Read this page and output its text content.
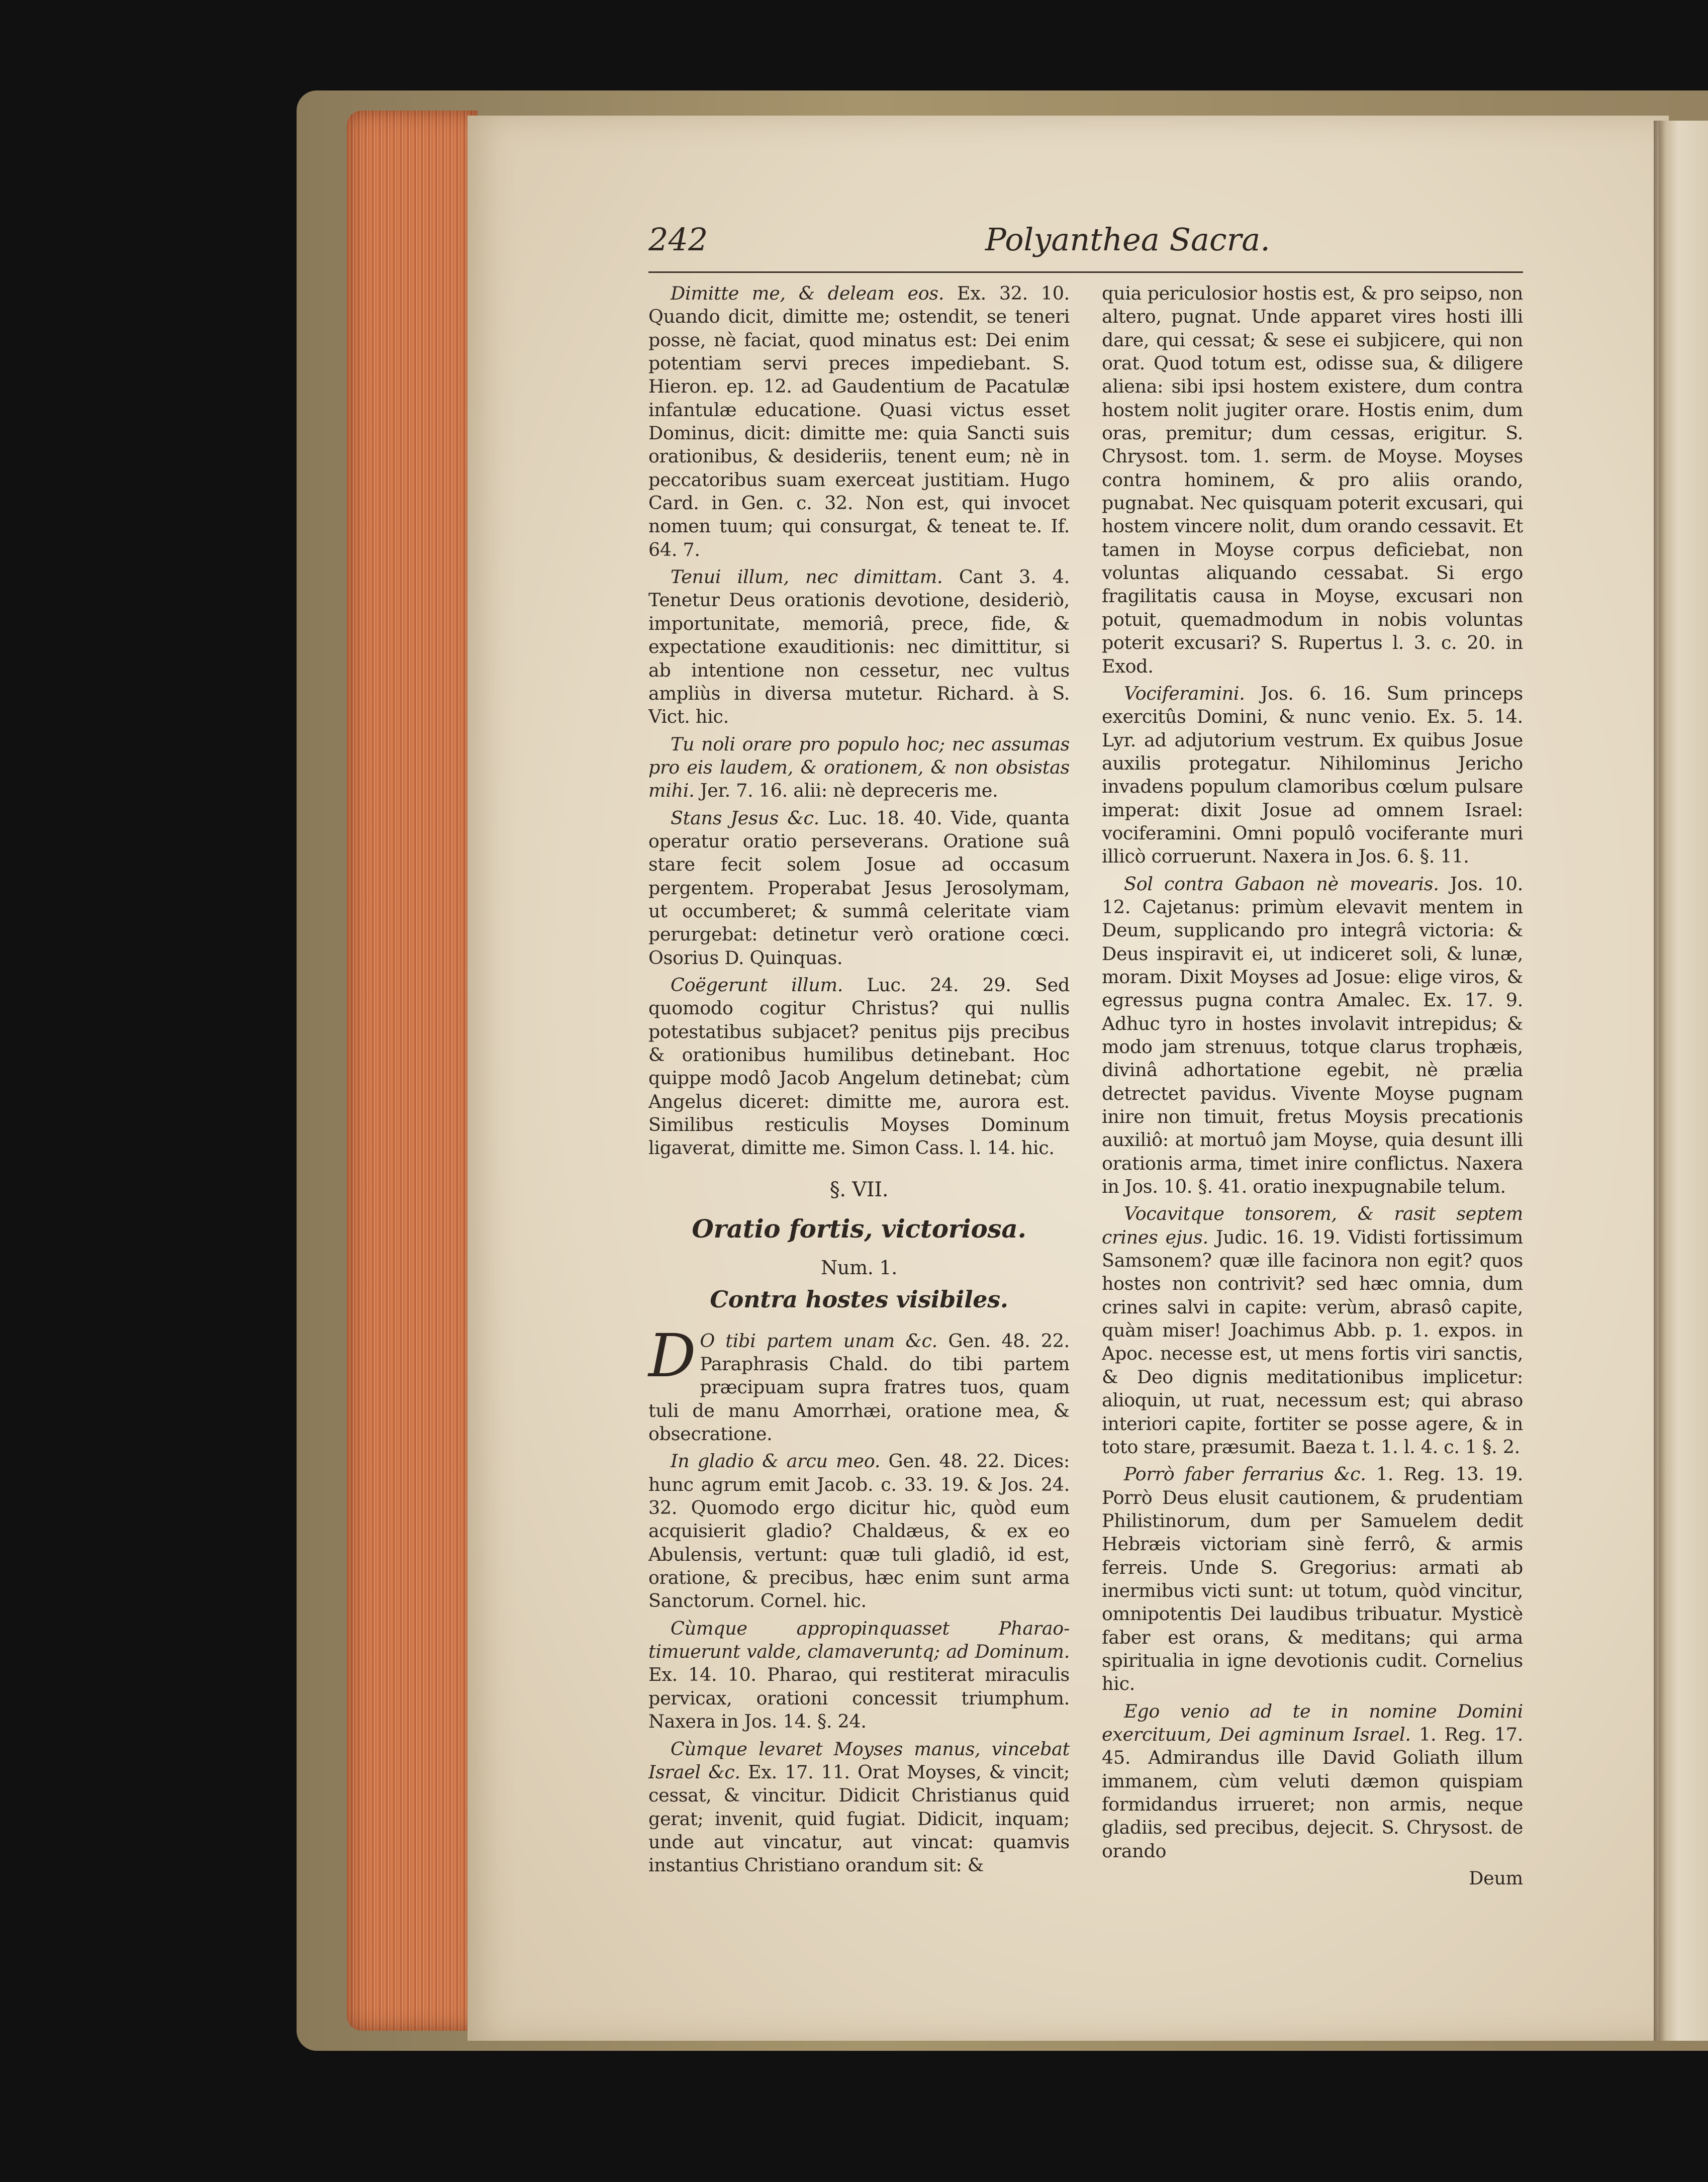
242	Polyanthea Sacra.

Dimitte me, & deleam eos. Ex. 32. 10. Quando dicit, dimitte me; ostendit, se teneri posse, nè faciat, quod minatus est: Dei enim potentiam servi preces impediebant. S. Hieron. ep. 12. ad Gaudentium de Pacatulæ infantulæ educatione. Quasi victus esset Dominus, dicit: dimitte me: quia Sancti suis orationibus, & desideriis, tenent eum; nè in peccatoribus suam exerceat justitiam. Hugo Card. in Gen. c. 32. Non est, qui invocet nomen tuum; qui consurgat, & teneat te. If. 64. 7.

Tenui illum, nec dimittam. Cant 3. 4. Tenetur Deus orationis devotione, desideriò, importunitate, memoriâ, prece, fide, & expectatione exauditionis: nec dimittitur, si ab intentione non cessetur, nec vultus ampliùs in diversa mutetur. Richard. à S. Vict. hic.

Tu noli orare pro populo hoc; nec assumas pro eis laudem, & orationem, & non obsistas mihi. Jer. 7. 16. alii: nè depreceris me.

Stans Jesus &c. Luc. 18. 40. Vide, quanta operatur oratio perseverans. Oratione suâ stare fecit solem Josue ad occasum pergentem. Properabat Jesus Jerosolymam, ut occumberet; & summâ celeritate viam perurgebat: detinetur verò oratione cœci. Osorius D. Quinquas.

Coëgerunt illum. Luc. 24. 29. Sed quomodo cogitur Christus? qui nullis potestatibus subjacet? penitus pijs precibus & orationibus humilibus detinebant. Hoc quippe modô Jacob Angelum detinebat; cùm Angelus diceret: dimitte me, aurora est. Similibus resticulis Moyses Dominum ligaverat, dimitte me. Simon Cass. l. 14. hic.

§. VII.
Oratio fortis, victoriosa.
Num. 1.
Contra hostes visibiles.

D O tibi partem unam &c. Gen. 48. 22. Paraphrasis Chald. do tibi partem præcipuam supra fratres tuos, quam tuli de manu Amorrhæi, oratione mea, & obsecratione.

In gladio & arcu meo. Gen. 48. 22. Dices: hunc agrum emit Jacob. c. 33. 19. & Jos. 24. 32. Quomodo ergo dicitur hic, quòd eum acquisierit gladio? Chaldæus, & ex eo Abulensis, vertunt: quæ tuli gladiô, id est, oratione, & precibus, hæc enim sunt arma Sanctorum. Cornel. hic.

Cùmque appropinquasset Pharao-timuerunt valde, clamaveruntq; ad Dominum. Ex. 14. 10. Pharao, qui restiterat miraculis pervicax, orationi concessit triumphum. Naxera in Jos. 14. §. 24.

Cùmque levaret Moyses manus, vincebat Israel &c. Ex. 17. 11. Orat Moyses, & vincit; cessat, & vincitur. Didicit Christianus quid gerat; invenit, quid fugiat. Didicit, inquam; unde aut vincatur, aut vincat: quamvis instantius Christiano orandum sit: &

quia periculosior hostis est, & pro seipso, non altero, pugnat. Unde apparet vires hosti illi dare, qui cessat; & sese ei subjicere, qui non orat. Quod totum est, odisse sua, & diligere aliena: sibi ipsi hostem existere, dum contra hostem nolit jugiter orare. Hostis enim, dum oras, premitur; dum cessas, erigitur. S. Chrysost. tom. 1. serm. de Moyse. Moyses contra hominem, & pro aliis orando, pugnabat. Nec quisquam poterit excusari, qui hostem vincere nolit, dum orando cessavit. Et tamen in Moyse corpus deficiebat, non voluntas aliquando cessabat. Si ergo fragilitatis causa in Moyse, excusari non potuit, quemadmodum in nobis voluntas poterit excusari? S. Rupertus l. 3. c. 20. in Exod.

Vociferamini. Jos. 6. 16. Sum princeps exercitûs Domini, & nunc venio. Ex. 5. 14. Lyr. ad adjutorium vestrum. Ex quibus Josue auxilis protegatur. Nihilominus Jericho invadens populum clamoribus cœlum pulsare imperat: dixit Josue ad omnem Israel: vociferamini. Omni populô vociferante muri illicò corruerunt. Naxera in Jos. 6. §. 11.

Sol contra Gabaon nè movearis. Jos. 10. 12. Cajetanus: primùm elevavit mentem in Deum, supplicando pro integrâ victoria: & Deus inspiravit ei, ut indiceret soli, & lunæ, moram. Dixit Moyses ad Josue: elige viros, & egressus pugna contra Amalec. Ex. 17. 9. Adhuc tyro in hostes involavit intrepidus; & modo jam strenuus, totque clarus trophæis, divinâ adhortatione egebit, nè prælia detrectet pavidus. Vivente Moyse pugnam inire non timuit, fretus Moysis precationis auxiliô: at mortuô jam Moyse, quia desunt illi orationis arma, timet inire conflictus. Naxera in Jos. 10. §. 41. oratio inexpugnabile telum.

Vocavitque tonsorem, & rasit septem crines ejus. Judic. 16. 19. Vidisti fortissimum Samsonem? quæ ille facinora non egit? quos hostes non contrivit? sed hæc omnia, dum crines salvi in capite: verùm, abrasô capite, quàm miser! Joachimus Abb. p. 1. expos. in Apoc. necesse est, ut mens fortis viri sanctis, & Deo dignis meditationibus implicetur: alioquin, ut ruat, necessum est; qui abraso interiori capite, fortiter se posse agere, & in toto stare, præsumit. Baeza t. 1. l. 4. c. 1 §. 2.

Porrò faber ferrarius &c. 1. Reg. 13. 19. Porrò Deus elusit cautionem, & prudentiam Philistinorum, dum per Samuelem dedit Hebræis victoriam sinè ferrô, & armis ferreis. Unde S. Gregorius: armati ab inermibus victi sunt: ut totum, quòd vincitur, omnipotentis Dei laudibus tribuatur. Mysticè faber est orans, & meditans; qui arma spiritualia in igne devotionis cudit. Cornelius hic.

Ego venio ad te in nomine Domini exercituum, Dei agminum Israel. 1. Reg. 17. 45. Admirandus ille David Goliath illum immanem, cùm veluti dæmon quispiam formidandus irrueret; non armis, neque gladiis, sed precibus, dejecit. S. Chrysost. de orando

Deum
